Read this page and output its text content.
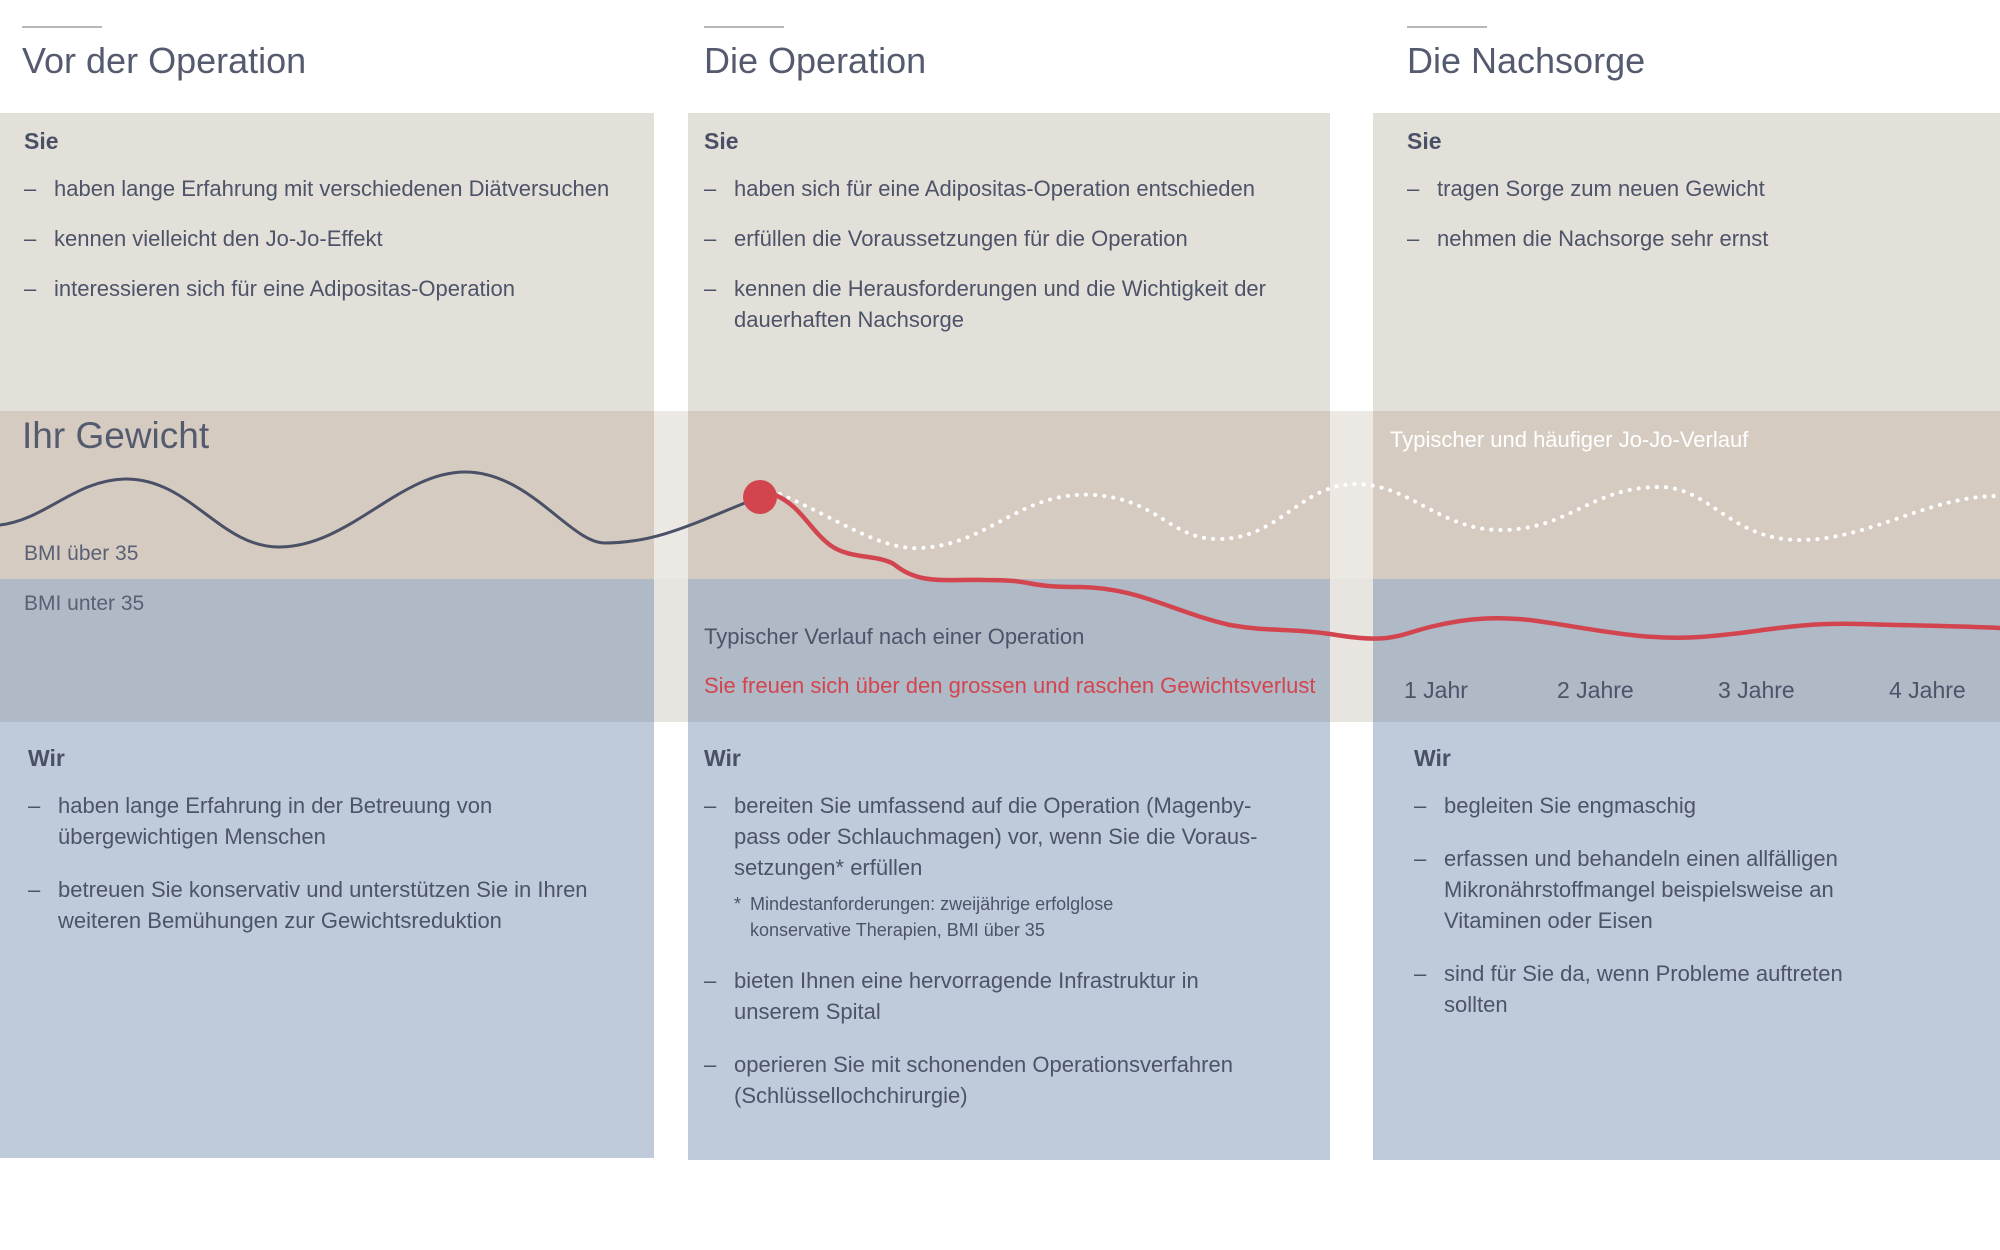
Vor der Operation	Die Operation	Die Nachsorge
Sie
– haben lange Erfahrung mit verschiedenen Diätversuchen
– kennen vielleicht den Jo-Jo-Effekt
– interessieren sich für eine Adipositas-Operation
Sie
– haben sich für eine Adipositas-Operation entschieden
– erfüllen die Voraussetzungen für die Operation
– kennen die Herausforderungen und die Wichtigkeit der dauerhaften Nachsorge
Sie
– tragen Sorge zum neuen Gewicht
– nehmen die Nachsorge sehr ernst
Ihr Gewicht
BMI über 35
BMI unter 35
Typischer und häufiger Jo-Jo-Verlauf
Typischer Verlauf nach einer Operation
Sie freuen sich über den grossen und raschen Gewichtsverlust	1 Jahr	2 Jahre	3 Jahre	4 Jahre
Wir
– haben lange Erfahrung in der Betreuung von übergewichtigen Menschen
– betreuen Sie konservativ und unterstützen Sie in Ihren weiteren Bemühungen zur Gewichtsreduktion
Wir
– bereiten Sie umfassend auf die Operation (Magenby-pass oder Schlauchmagen) vor, wenn Sie die Voraus-setzungen* erfüllen
* Mindestanforderungen: zweijährige erfolglose konservative Therapien, BMI über 35
– bieten Ihnen eine hervorragende Infrastruktur in unserem Spital
– operieren Sie mit schonenden Operationsverfahren (Schlüssellochchirurgie)
Wir
– begleiten Sie engmaschig
– erfassen und behandeln einen allfälligen Mikronährstoffmangel beispielsweise an Vitaminen oder Eisen
– sind für Sie da, wenn Probleme auftreten sollten
